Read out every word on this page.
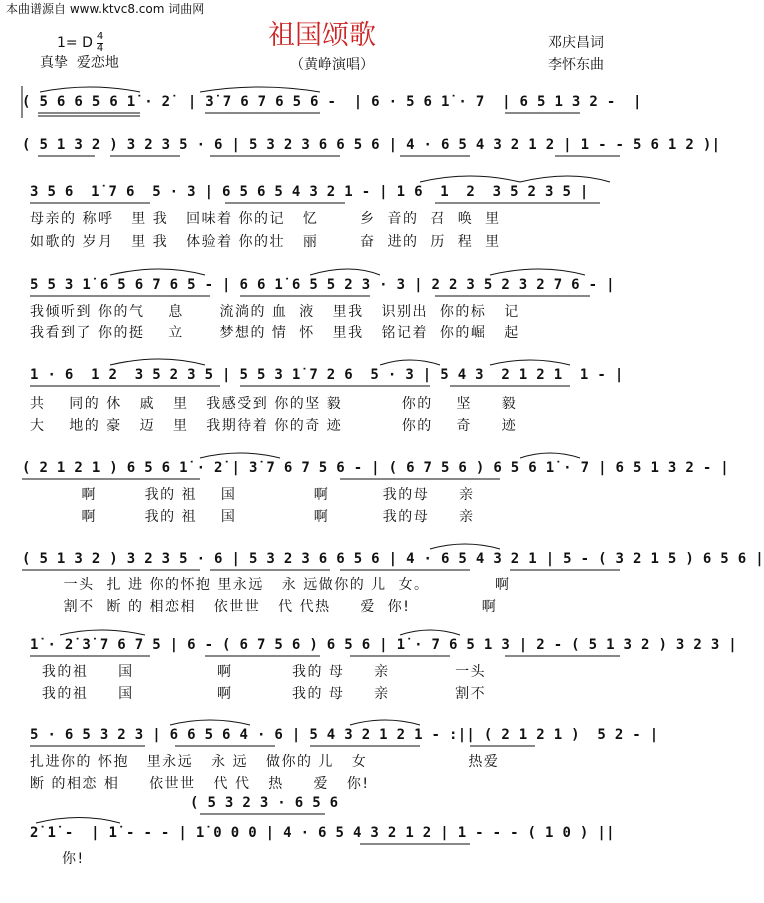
本曲谱源自 www.ktvc8.com 词曲网
祖国颂歌
1= D $\frac{4}{4}$
真挚  爱恋地	（黄峥演唱）
邓庆昌词
李怀东曲
( 5 6 6 5 6 1̇ · 2̇  | 3̇ 7 6 7 6 5 6 -  | 6 · 5 6 1̇ · 7  | 6 5 1 3 2 -  |
( 5 1 3 2 ) 3 2 3 5 · 6 | 5 3 2 3 6 6 5 6 | 4 · 6 5 4 3 2 1 2 | 1 - - 5 6 1 2 )|
3 5 6  1̇ 7 6  5 · 3 | 6 5 6 5 4 3 2 1 - | 1 6  1  2  3 5 2 3 5 |
母亲的 称呼   里 我   回味着 你的记   忆       乡  音的  召  唤  里
如歌的 岁月   里 我   体验着 你的壮   丽       奋  进的  历  程  里
5 5 3 1̇ 6 5 6 7 6 5 - | 6 6 1̇ 6 5 5 2 3 · 3 | 2 2 3 5 2 3 2 7 6 - |
我倾听到 你的气    息      流淌的 血  液   里我   识别出  你的标   记
我看到了 你的挺    立      梦想的 情  怀   里我   铭记着  你的崛   起
1 · 6  1 2  3 5 2 3 5 | 5 5 3 1̇ 7 2 6  5 · 3 | 5 4 3  2 1 2 1  1 - |
共    同的 休   戚   里   我感受到 你的坚 毅          你的    坚     毅
大    地的 豪   迈   里   我期待着 你的奇 迹          你的    奇     迹
( 2 1 2 1 ) 6 5 6 1̇ · 2̇ | 3̇ 7 6 7 5 6 - | ( 6 7 5 6 ) 6 5 6 1̇ · 7 | 6 5 1 3 2 - |
啊        我的 祖    国             啊         我的母     亲
啊        我的 祖    国             啊         我的母     亲
( 5 1 3 2 ) 3 2 3 5 · 6 | 5 3 2 3 6 6 5 6 | 4 · 6 5 4 3 2 1 | 5 - ( 3 2 1 5 ) 6 5 6 |
一头  扎 进 你的怀抱 里永远   永 远做你的 儿  女。           啊
割不  断 的 相恋相   依世世   代 代热     爱  你!            啊
1̇ · 2̇ 3̇ 7 6 7 5 | 6 - ( 6 7 5 6 ) 6 5 6 | 1̇ · 7 6 5 1 3 | 2 - ( 5 1 3 2 ) 3 2 3 |
我的祖     国              啊          我的 母     亲           一头
我的祖     国              啊          我的 母     亲           割不
5 · 6 5 3 2 3 | 6 6 5 6 4 · 6 | 5 4 3 2 1 2 1 - :|| ( 2 1 2 1 )  5 2 - |
扎进你的 怀抱   里永远   永 远   做你的 儿   女                 热爱
断 的相恋 相     依世世   代 代   热     爱   你!
( 5 3 2 3 · 6 5 6
2̇ 1̇ -  | 1̇ - - - | 1̇ 0 0 0 | 4 · 6 5 4 3 2 1 2 | 1 - - - ( 1 0 ) ||
你!
